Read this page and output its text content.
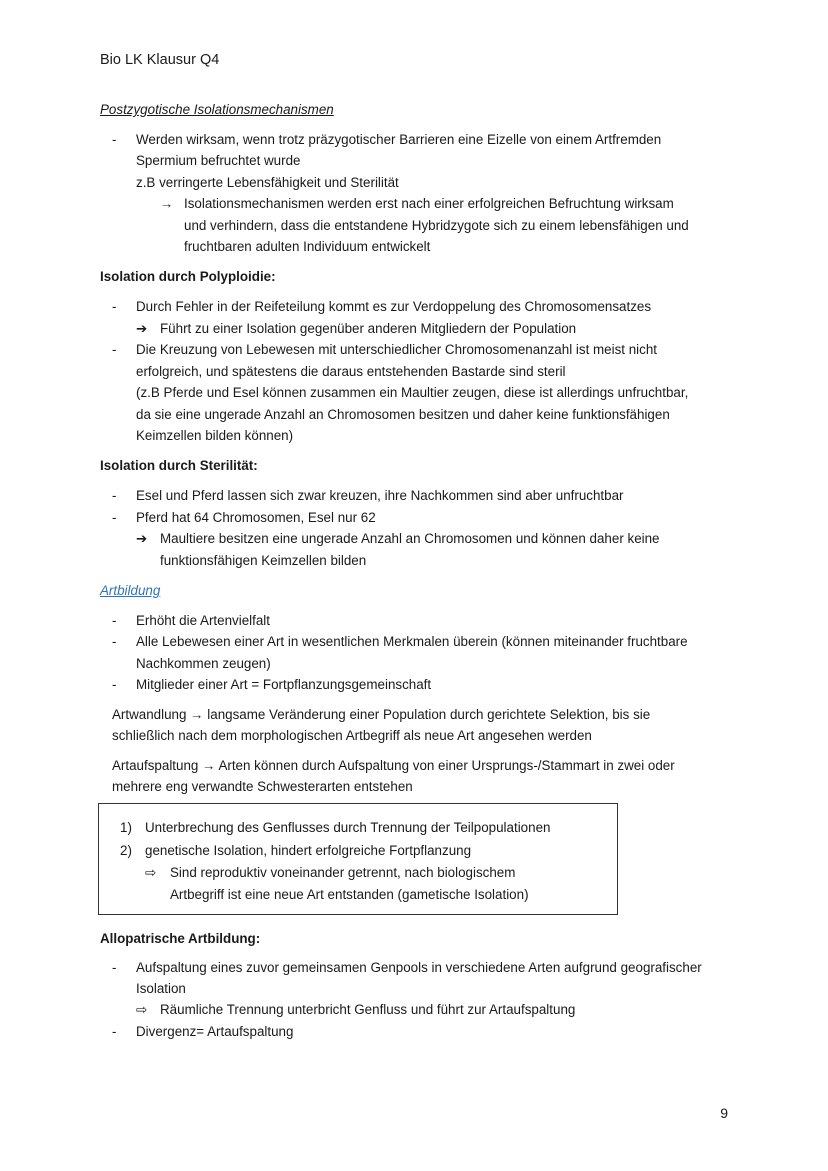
Bio LK Klausur Q4
Postzygotische Isolationsmechanismen
- Werden wirksam, wenn trotz präzygotischer Barrieren eine Eizelle von einem Artfremden
Spermium befruchtet wurde
z.B verringerte Lebensfähigkeit und Sterilität
→ Isolationsmechanismen werden erst nach einer erfolgreichen Befruchtung wirksam
und verhindern, dass die entstandene Hybridzygote sich zu einem lebensfähigen und
fruchtbaren adulten Individuum entwickelt
Isolation durch Polyploidie:
- Durch Fehler in der Reifeteilung kommt es zur Verdoppelung des Chromosomensatzes
➔ Führt zu einer Isolation gegenüber anderen Mitgliedern der Population
- Die Kreuzung von Lebewesen mit unterschiedlicher Chromosomenanzahl ist meist nicht
erfolgreich, und spätestens die daraus entstehenden Bastarde sind steril
(z.B Pferde und Esel können zusammen ein Maultier zeugen, diese ist allerdings unfruchtbar,
da sie eine ungerade Anzahl an Chromosomen besitzen und daher keine funktionsfähigen
Keimzellen bilden können)
Isolation durch Sterilität:
- Esel und Pferd lassen sich zwar kreuzen, ihre Nachkommen sind aber unfruchtbar
- Pferd hat 64 Chromosomen, Esel nur 62
➔ Maultiere besitzen eine ungerade Anzahl an Chromosomen und können daher keine
funktionsfähigen Keimzellen bilden
Artbildung
- Erhöht die Artenvielfalt
- Alle Lebewesen einer Art in wesentlichen Merkmalen überein (können miteinander fruchtbare
Nachkommen zeugen)
- Mitglieder einer Art = Fortpflanzungsgemeinschaft
Artwandlung → langsame Veränderung einer Population durch gerichtete Selektion, bis sie
schließlich nach dem morphologischen Artbegriff als neue Art angesehen werden
Artaufspaltung → Arten können durch Aufspaltung von einer Ursprungs-/Stammart in zwei oder
mehrere eng verwandte Schwesterarten entstehen
1) Unterbrechung des Genflusses durch Trennung der Teilpopulationen
2) genetische Isolation, hindert erfolgreiche Fortpflanzung
⇨ Sind reproduktiv voneinander getrennt, nach biologischem
Artbegriff ist eine neue Art entstanden (gametische Isolation)
Allopatrische Artbildung:
- Aufspaltung eines zuvor gemeinsamen Genpools in verschiedene Arten aufgrund geografischer
Isolation
⇨ Räumliche Trennung unterbricht Genfluss und führt zur Artaufspaltung
- Divergenz= Artaufspaltung
9
